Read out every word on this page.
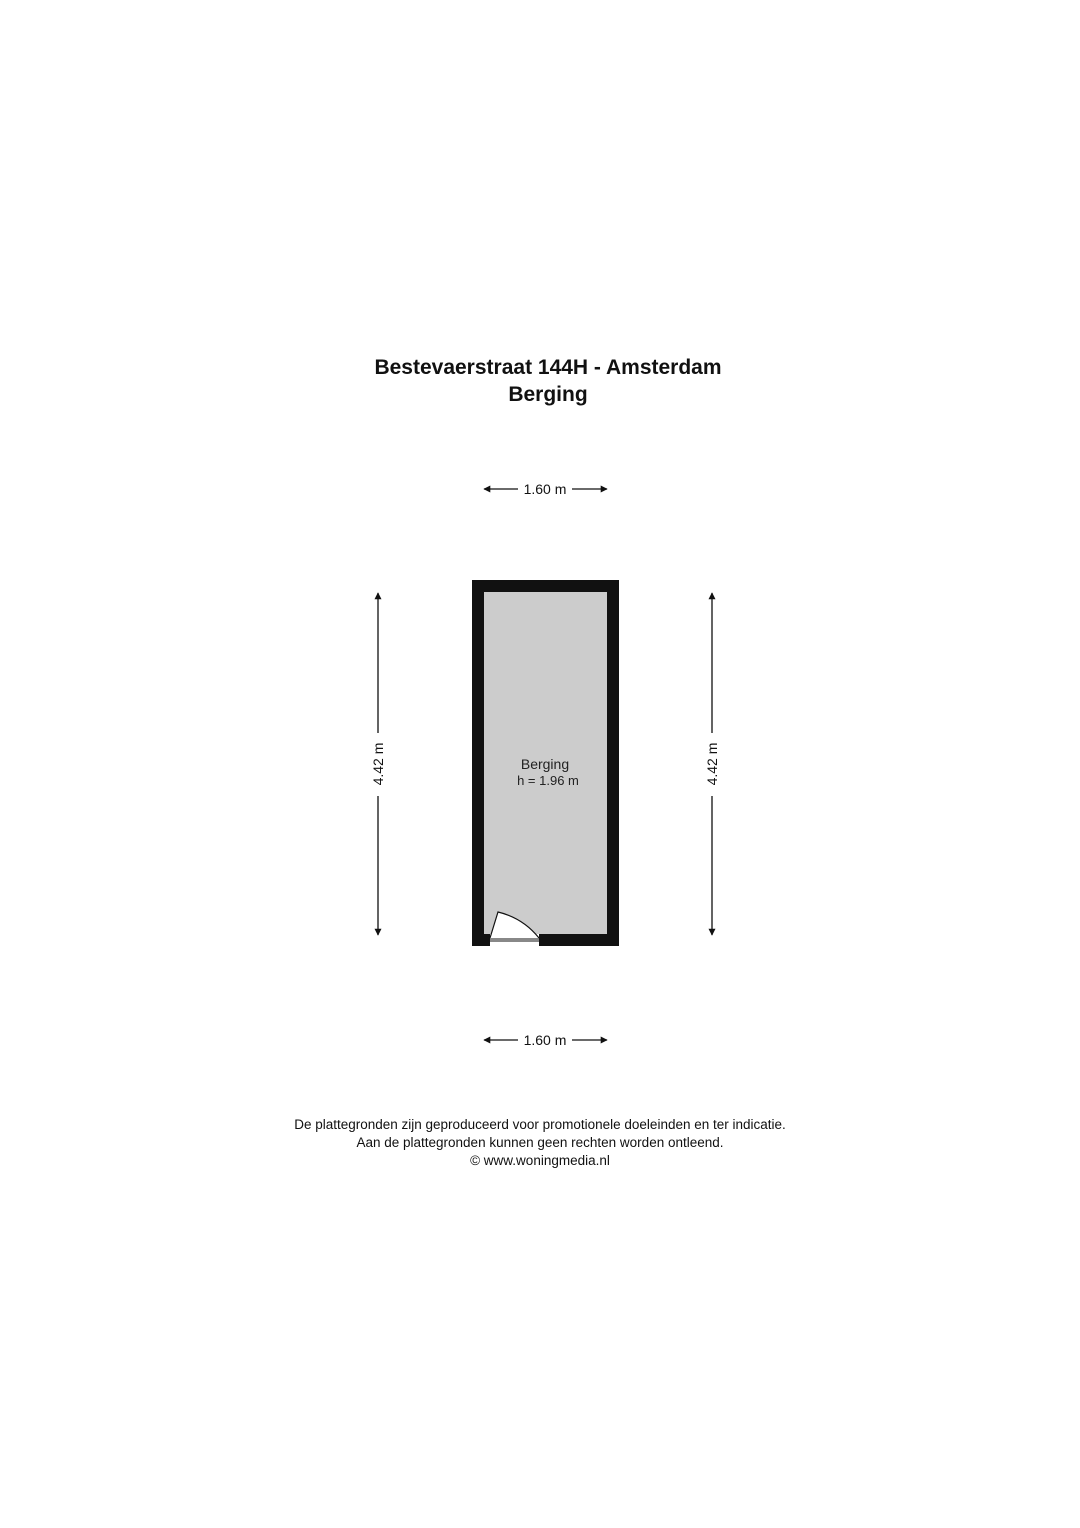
Bestevaerstraat 144H - Amsterdam
Berging
1.60 m
4.42 m	4.42 m
Berging
h = 1.96 m
1.60 m
De plattegronden zijn geproduceerd voor promotionele doeleinden en ter indicatie.
Aan de plattegronden kunnen geen rechten worden ontleend.
© www.woningmedia.nl
